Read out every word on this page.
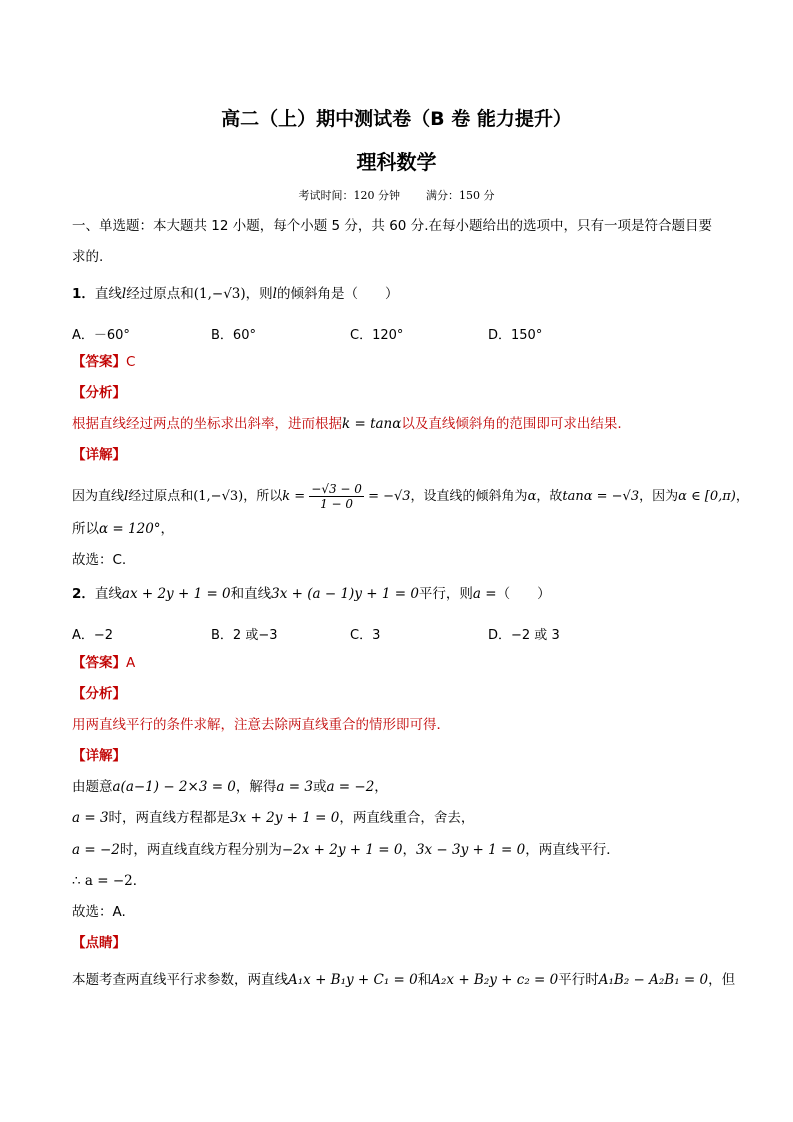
高二（上）期中测试卷（B 卷 能力提升）
理科数学
考试时间：120 分钟 满分：150 分
一、单选题：本大题共 12 小题，每个小题 5 分，共 60 分.在每小题给出的选项中，只有一项是符合题目要
求的.
1．直线l经过原点和(1,−√3)，则l的倾斜角是（　　）
A．－60°	B．60°	C．120°	D．150°
【答案】C
【分析】
根据直线经过两点的坐标求出斜率，进而根据k = tanα以及直线倾斜角的范围即可求出结果.
【详解】
因为直线l经过原点和(1,−√3)，所以$k = \frac{-√3 - 0}{1 - 0} = -√3$，设直线的倾斜角为α，故tanα = −√3，因为α ∈ [0,π)，
所以α = 120°，
故选：C.
2．直线ax + 2y + 1 = 0和直线3x + (a − 1)y + 1 = 0平行，则a =（　　）
A．−2	B．2 或−3	C．3	D．−2 或 3
【答案】A
【分析】
用两直线平行的条件求解，注意去除两直线重合的情形即可得．
【详解】
由题意a(a−1) − 2×3 = 0，解得a = 3或a = −2，
a = 3时，两直线方程都是3x + 2y + 1 = 0，两直线重合，舍去，
a = −2时，两直线直线方程分别为−2x + 2y + 1 = 0，3x − 3y + 1 = 0，两直线平行．
∴ a = −2．
故选：A.
【点睛】
本题考查两直线平行求参数，两直线A₁x + B₁y + C₁ = 0和A₂x + B₂y + c₂ = 0平行时A₁B₂ − A₂B₁ = 0，但
